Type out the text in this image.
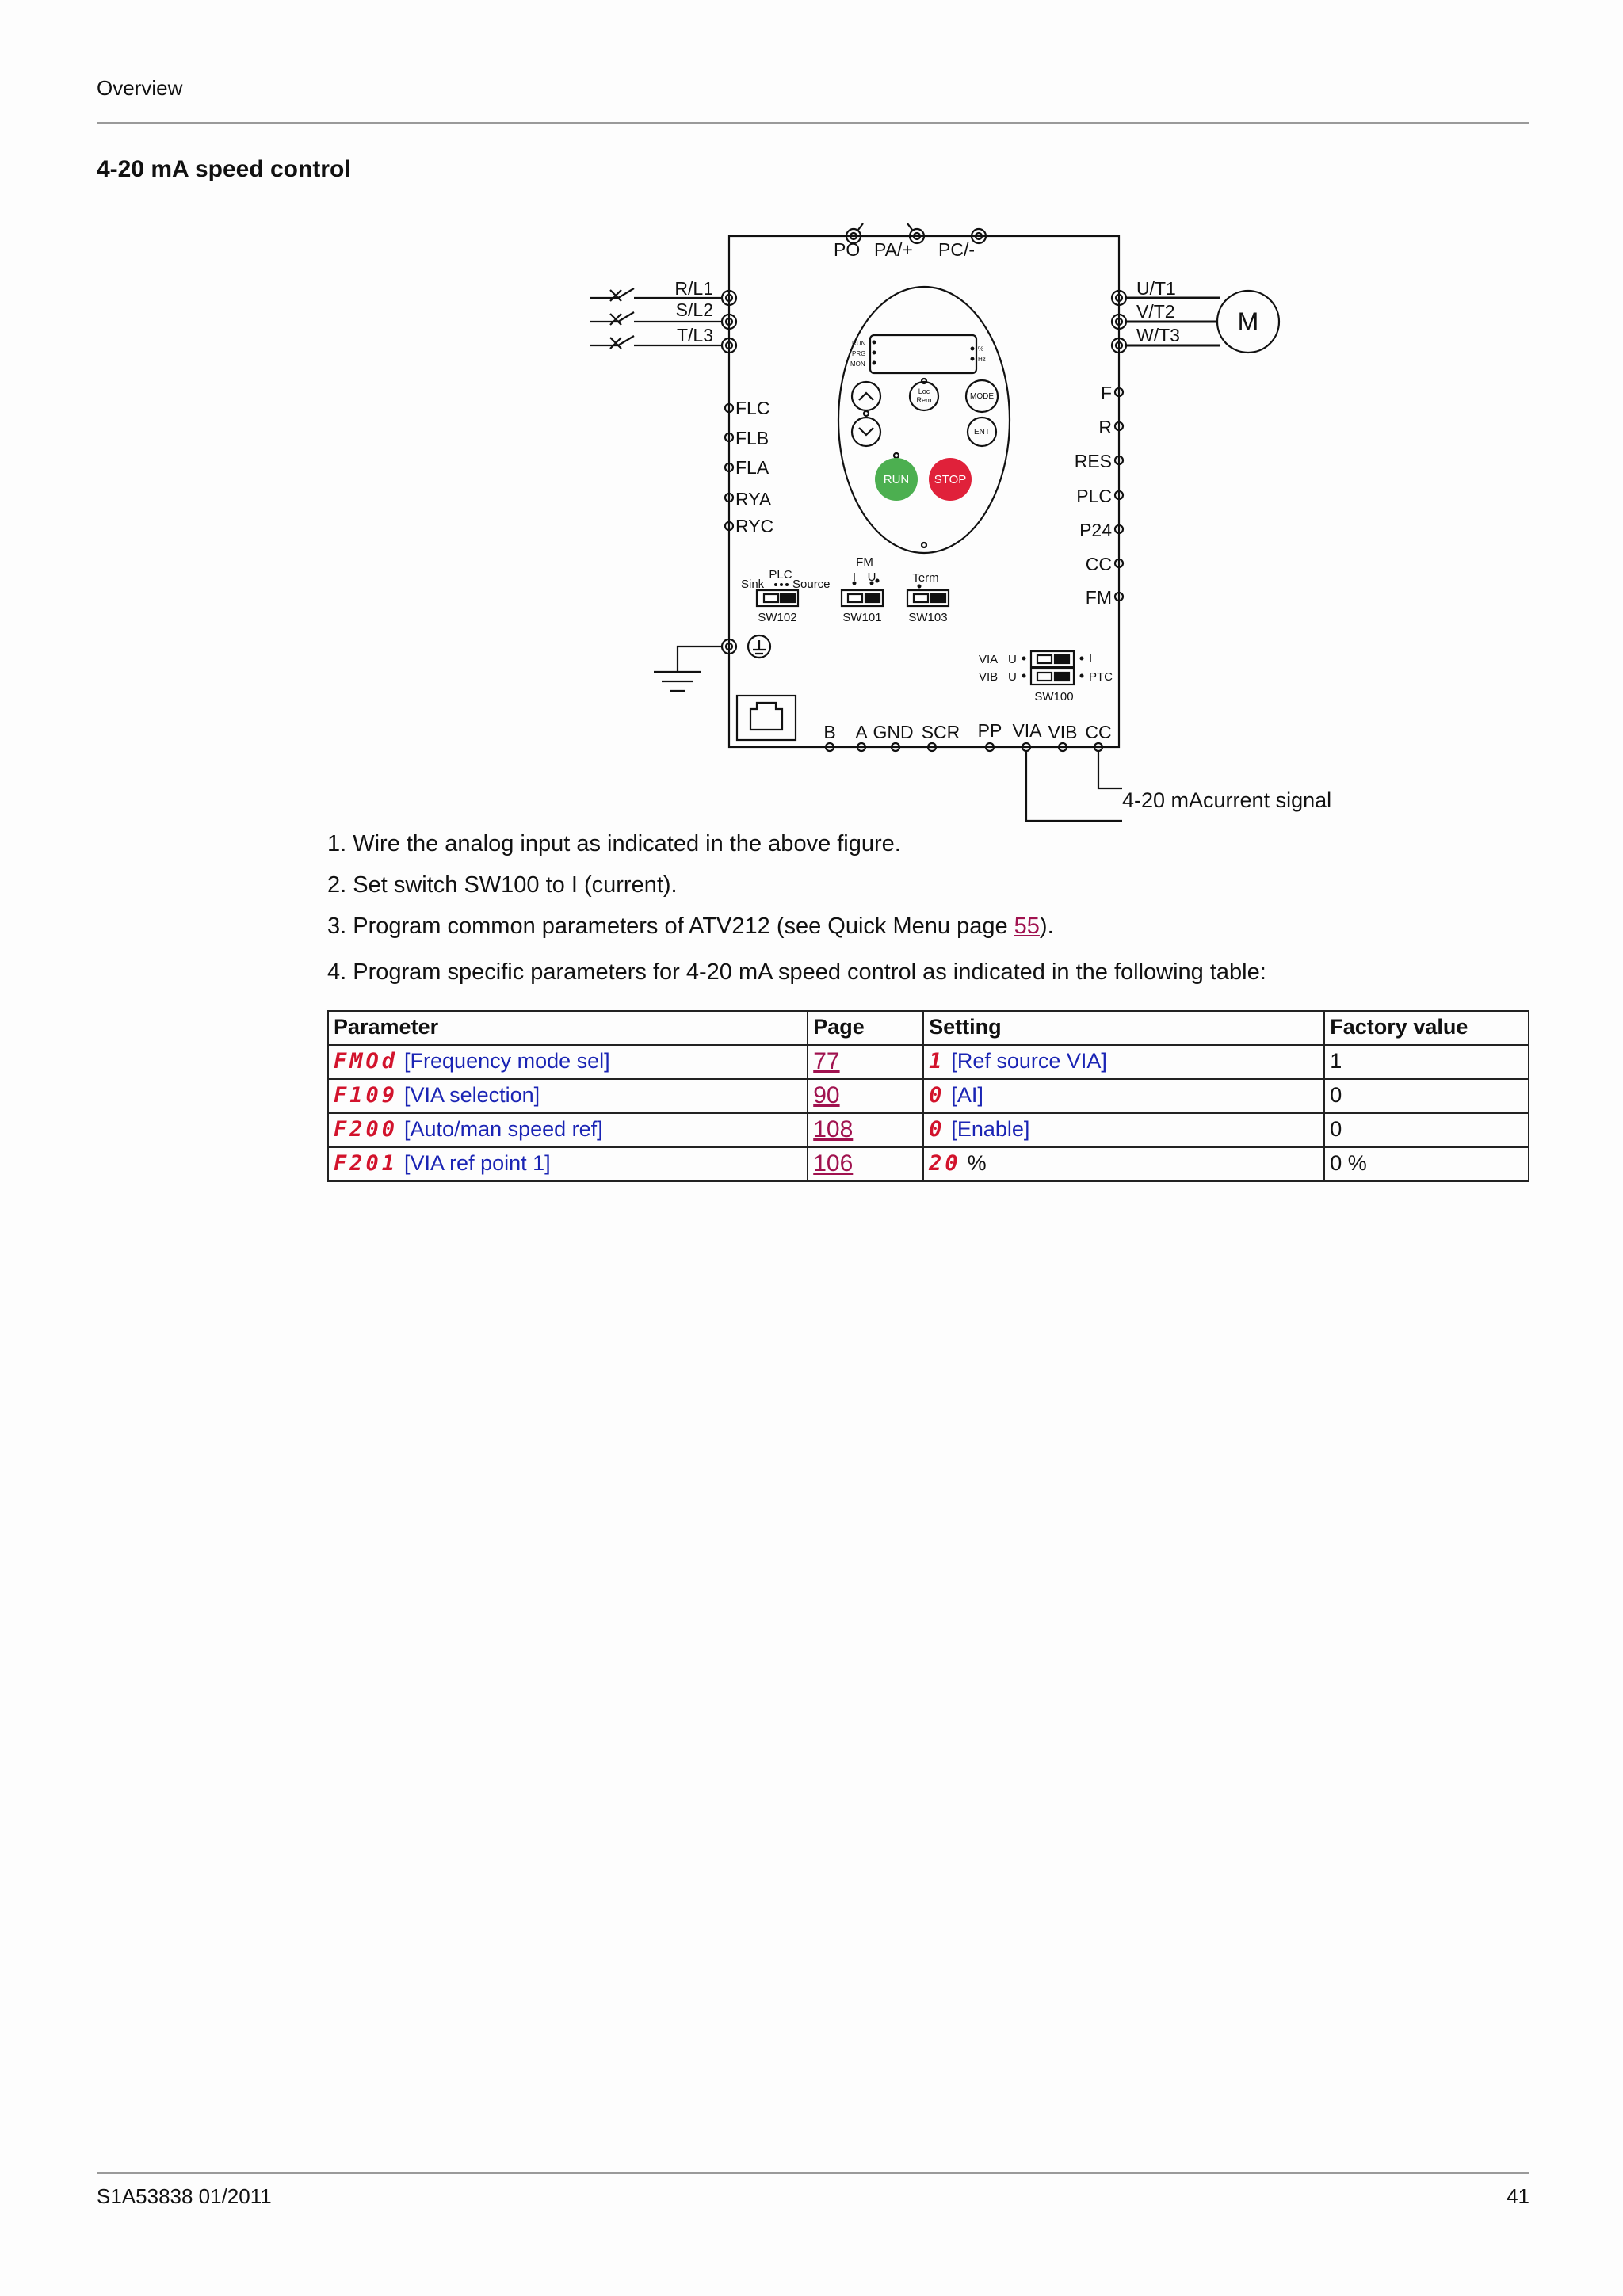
Overview
4-20 mA speed control
PO PA/+ PC/-
R/L1
S/L2
T/L3
U/T1
V/T2
W/T3 M
FLC
FLB
FLA
RYA
RYC
F
R
RES
PLC
P24
CC
FM
B A GND SCR PP VIA VIB CC
RUN
PRG
MON
%
Hz
Loc
Rem	MODE
ENT
RUN STOP
PLC
Sink Source
SW102
FM
I U
SW101
Term
SW103
VIA
VIB
U
U
I
PTC
SW100
4-20 mAcurrent signal
1. Wire the analog input as indicated in the above figure.
2. Set switch SW100 to I (current).
3. Program common parameters of ATV212 (see Quick Menu page 55).
4. Program specific parameters for 4-20 mA speed control as indicated in the following table:
Parameter	Page	Setting	Factory value
FMOd [Frequency mode sel]	77	1 [Ref source VIA]	1
F109 [VIA selection]	90	0 [AI]	0
F200 [Auto/man speed ref]	108	0 [Enable]	0
F201 [VIA ref point 1]	106	20 %	0 %
S1A53838 01/2011	41
